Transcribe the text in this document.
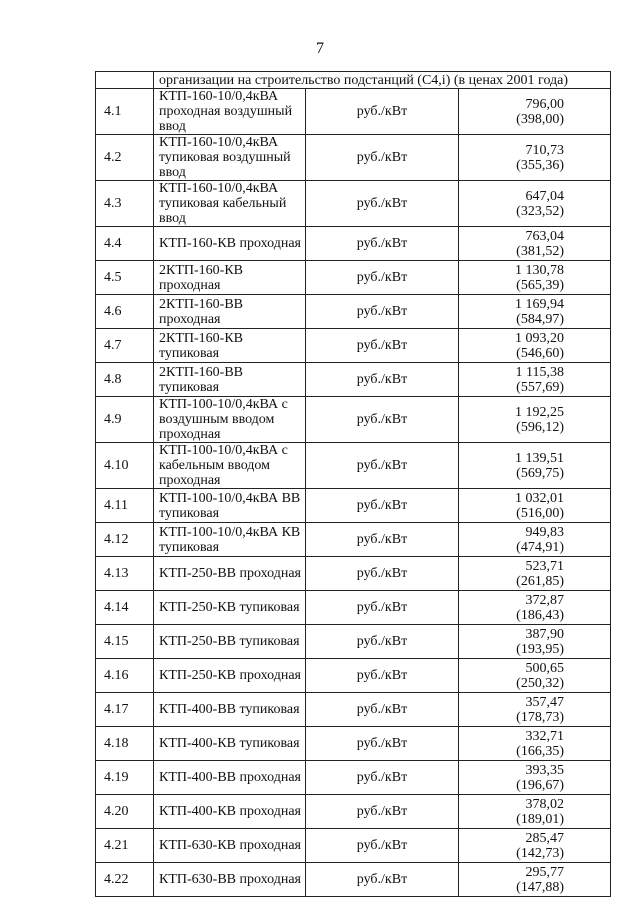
7
	организации на строительство подстанций (С4,i) (в ценах 2001 года)		
4.1	КТП-160-10/0,4кВА проходная воздушный ввод	руб./кВт	796,00
(398,00)

4.2	КТП-160-10/0,4кВА тупиковая воздушный ввод	руб./кВт	710,73
(355,36)

4.3	КТП-160-10/0,4кВА тупиковая кабельный ввод	руб./кВт	647,04
(323,52)

4.4	КТП-160-КВ проходная	руб./кВт	763,04
(381,52)

4.5	2КТП-160-КВ проходная	руб./кВт	1 130,78
(565,39)

4.6	2КТП-160-ВВ проходная	руб./кВт	1 169,94
(584,97)

4.7	2КТП-160-КВ тупиковая	руб./кВт	1 093,20
(546,60)

4.8	2КТП-160-ВВ тупиковая	руб./кВт	1 115,38
(557,69)

4.9	КТП-100-10/0,4кВА с воздушным вводом проходная	руб./кВт	1 192,25
(596,12)

4.10	КТП-100-10/0,4кВА с кабельным вводом проходная	руб./кВт	1 139,51
(569,75)

4.11	КТП-100-10/0,4кВА ВВ тупиковая	руб./кВт	1 032,01
(516,00)

4.12	КТП-100-10/0,4кВА КВ тупиковая	руб./кВт	949,83
(474,91)

4.13	КТП-250-ВВ проходная	руб./кВт	523,71
(261,85)

4.14	КТП-250-КВ тупиковая	руб./кВт	372,87
(186,43)

4.15	КТП-250-ВВ тупиковая	руб./кВт	387,90
(193,95)

4.16	КТП-250-КВ проходная	руб./кВт	500,65
(250,32)

4.17	КТП-400-ВВ тупиковая	руб./кВт	357,47
(178,73)

4.18	КТП-400-КВ тупиковая	руб./кВт	332,71
(166,35)

4.19	КТП-400-ВВ проходная	руб./кВт	393,35
(196,67)

4.20	КТП-400-КВ проходная	руб./кВт	378,02
(189,01)

4.21	КТП-630-КВ проходная	руб./кВт	285,47
(142,73)

4.22	КТП-630-ВВ проходная	руб./кВт	295,77
(147,88)
